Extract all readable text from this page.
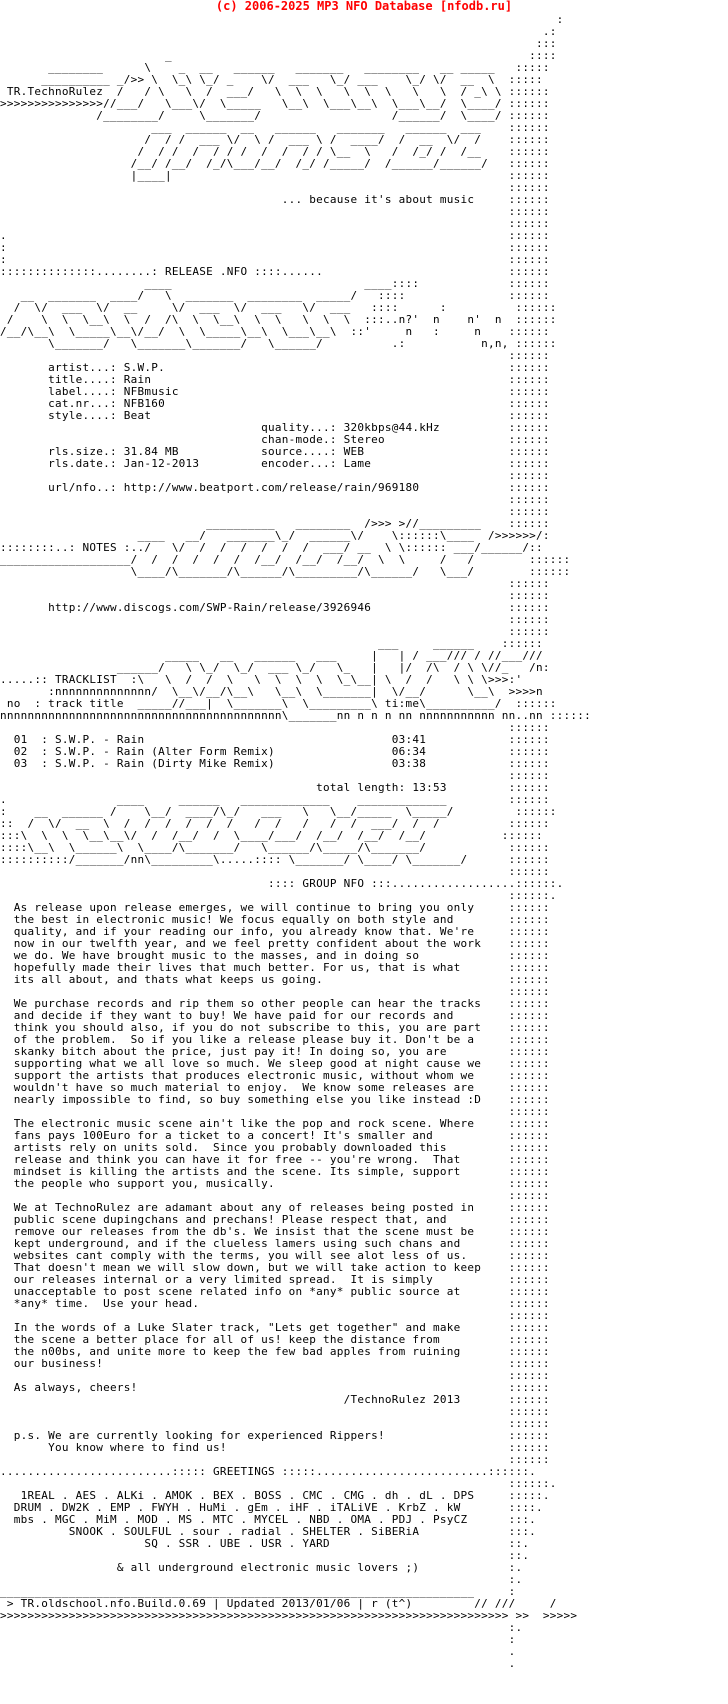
(c) 2006-2025 MP3 NFO Database [nfodb.ru]
:
.:
:::
_                                                    ::::
________      \    _  __   ______   _______   ________   __ _____   :::::
__________ _/>> \  \_\ \_/ _    \/  ___   \_/ ___    \_/ \/  __  \  :::::
TR.TechnoRulez  /   / \   \  /  ___/   \  \  \   \  \  \   \   \  / _\ \ ::::::
>>>>>>>>>>>>>>>//___/   \___\/  \_____   \__\  \___\__\  \___\__/  \____/ ::::::
/________/     \_______/                   /______/  \____/ ::::::
___  ______  __   ______   _______   ______  ___    ::::::
/  / /  ___ \/  \ /  ___ \ /  ____/  /  __  \/  /    ::::::
/  / /  /  / / /  /  /  / / \__  \   /  /_/ /  /__    ::::::
/__/ /__/  /_/\___/__/  /_/ /_____/  /______/______/   ::::::
|____|                                                 ::::::
::::::
... because it's about music     ::::::
::::::
::::::
.                                                                         ::::::
:                                                                         ::::::
:                                                                         ::::::
::::::::::::::........: RELEASE .NFO ::::......                           ::::::
____                            ____::::             ::::::
__  _______  ____/   \  _______  ________  _____/   ::::               ::::::
/  \/  ___  \/  __     \/  ___  \/  ___   \/  ___   ::::      :          ::::::
/    \  \  \__\  \  /  /\  \  \__\  \  \   \  \  \  :::..n?'  n    n'  n  ::::::
/__/\__\  \_____\__\/__/  \  \_____\__\  \___\__\  ::'     n   :     n    ::::::
\_______/   \_______\_______/   \______/          .:           n,n, ::::::
::::::
artist...: S.W.P.                                                  ::::::
title....: Rain                                                    ::::::
label....: NFBmusic                                                ::::::
cat.nr...: NFB160                                                  ::::::
style....: Beat                                                    ::::::
quality...: 320kbps@44.kHz          ::::::
chan-mode.: Stereo                  ::::::
rls.size.: 31.84 MB            source....: WEB                     ::::::
rls.date.: Jan-12-2013         encoder...: Lame                    ::::::
::::::
url/nfo..: http://www.beatport.com/release/rain/969180             ::::::
::::::
::::::
__________   ________  />>> >//_________    ::::::
____   __/   _______\_/  ______\/    \::::::\____  />>>>>>/:
::::::::..: NOTES :../   \/  /  /  /  /  /  /  ___/ __  \ \:::::: ___/______/::
___________________/  /  /  /  /  /  /__/  /__/  /__/  \  \     /   /        ::::::
\____/\_______/\______/\_________/\______/   \___/        ::::::
::::::
::::::
http://www.discogs.com/SWP-Rain/release/3926946                    ::::::
::::::
::::::
___     ______    ::::::
_____   __   ______   ___     |   | / ___/// / //___///
______/   \ \_/  \_/  ___ \_/   \_   |   |/  /\  / \ \//_   /n:
.....:: TRACKLIST  :\   \  /  /  \   \  \  \  \  \_\__| \  /  /   \ \ \>>>:'
:nnnnnnnnnnnnnn/  \__\/__/\__\   \__\  \_______|  \/__/      \__\  >>>>n
no  : track title  _____//___|  \_______\  \_________\ ti:me\__________/  ::::::
nnnnnnnnnnnnnnnnnnnnnnnnnnnnnnnnnnnnnnnnn\_______nn n n n nn nnnnnnnnnnn nn..nn ::::::
::::::
01  : S.W.P. - Rain                                    03:41            ::::::
02  : S.W.P. - Rain (Alter Form Remix)                 06:34            ::::::
03  : S.W.P. - Rain (Dirty Mike Remix)                 03:38            ::::::
::::::
total length: 13:53         ::::::
.                ____     ______   _____________    _____________         ::::::
:    __  ______ /    \__/  ____/\_/   ___   \   \__/_____  \_____/         ::::::
::  /  \/  __  \  /  /  /  /  /  /   /  /   /   /  /  ___/  /  /          ::::::
:::\  \  \  \__\__\/  /  /__/  /  \____/___/  /__/  /__/  /__/           ::::::
::::\__\  \______\  \____/\_______/   \______/\_____/\_______/            ::::::
::::::::::/_______/nn\_________\.....:::: \_______/ \____/ \_______/      ::::::
::::::
:::: GROUP NFO :::..................::::::.
::::::.
As release upon release emerges, we will continue to bring you only     ::::::
the best in electronic music! We focus equally on both style and        ::::::
quality, and if your reading our info, you already know that. We're     ::::::
now in our twelfth year, and we feel pretty confident about the work    ::::::
we do. We have brought music to the masses, and in doing so             ::::::
hopefully made their lives that much better. For us, that is what       ::::::
its all about, and thats what keeps us going.                           ::::::
::::::
We purchase records and rip them so other people can hear the tracks    ::::::
and decide if they want to buy! We have paid for our records and        ::::::
think you should also, if you do not subscribe to this, you are part    ::::::
of the problem.  So if you like a release please buy it. Don't be a     ::::::
skanky bitch about the price, just pay it! In doing so, you are         ::::::
supporting what we all love so much. We sleep good at night cause we    ::::::
support the artists that produces electronic music, without whom we     ::::::
wouldn't have so much material to enjoy.  We know some releases are     ::::::
nearly impossible to find, so buy something else you like instead :D    ::::::
::::::
The electronic music scene ain't like the pop and rock scene. Where     ::::::
fans pays 100Euro for a ticket to a concert! It's smaller and           ::::::
artists rely on units sold.  Since you probably downloaded this         ::::::
release and think you can have it for free -- you're wrong.  That       ::::::
mindset is killing the artists and the scene. Its simple, support       ::::::
the people who support you, musically.                                  ::::::
::::::
We at TechnoRulez are adamant about any of releases being posted in     ::::::
public scene dupingchans and prechans! Please respect that, and         ::::::
remove our releases from the db's. We insist that the scene must be     ::::::
kept underground, and if the clueless lamers using such chans and       ::::::
websites cant comply with the terms, you will see alot less of us.      ::::::
That doesn't mean we will slow down, but we will take action to keep    ::::::
our releases internal or a very limited spread.  It is simply           ::::::
unacceptable to post scene related info on *any* public source at       ::::::
*any* time.  Use your head.                                             ::::::
::::::
In the words of a Luke Slater track, "Lets get together" and make       ::::::
the scene a better place for all of us! keep the distance from          ::::::
the n00bs, and unite more to keep the few bad apples from ruining       ::::::
our business!                                                           ::::::
::::::
As always, cheers!                                                      ::::::
/TechnoRulez 2013       ::::::
::::::
::::::
p.s. We are currently looking for experienced Rippers!                  ::::::
You know where to find us!                                         ::::::
::::::
.........................::::: GREETINGS :::::.........................::::::.
::::::.
1REAL . AES . ALKi . AMOK . BEX . BOSS . CMC . CMG . dh . dL . DPS     :::::.
DRUM . DW2K . EMP . FWYH . HuMi . gEm . iHF . iTALiVE . KrbZ . kW       ::::.
mbs . MGC . MiM . MOD . MS . MTC . MYCEL . NBD . OMA . PDJ . PsyCZ      :::.
SNOOK . SOULFUL . sour . radial . SHELTER . SiBERiA             :::.
SQ . SSR . UBE . USR . YARD                          ::.
::.
& all underground electronic music lovers ;)             :.
:.
_____________________________________________________________________     :
> TR.oldschool.nfo.Build.0.69 | Updated 2013/01/06 | r (t^)         // ///     /
>>>>>>>>>>>>>>>>>>>>>>>>>>>>>>>>>>>>>>>>>>>>>>>>>>>>>>>>>>>>>>>>>>>>>>>>>> >>  >>>>>
:.
:
.
.
